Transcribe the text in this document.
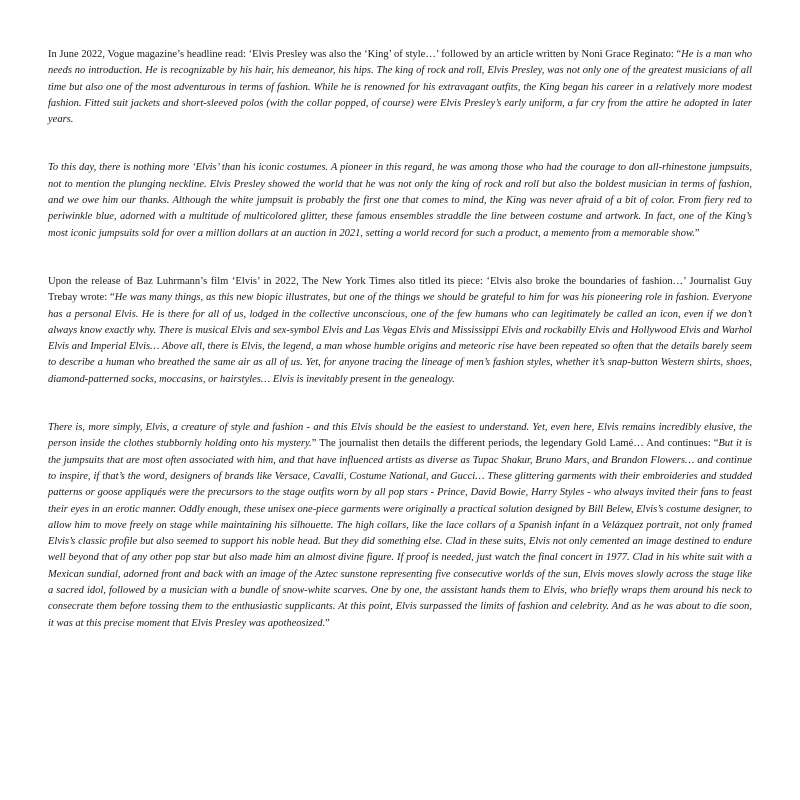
In June 2022, Vogue magazine’s headline read: ‘Elvis Presley was also the ‘King’ of style…’ followed by an article written by Noni Grace Reginato: “He is a man who needs no introduction. He is recognizable by his hair, his demeanor, his hips. The king of rock and roll, Elvis Presley, was not only one of the greatest musicians of all time but also one of the most adventurous in terms of fashion. While he is renowned for his extravagant outfits, the King began his career in a relatively more modest fashion. Fitted suit jackets and short-sleeved polos (with the collar popped, of course) were Elvis Presley’s early uniform, a far cry from the attire he adopted in later years.

To this day, there is nothing more ‘Elvis’ than his iconic costumes. A pioneer in this regard, he was among those who had the courage to don all-rhinestone jumpsuits, not to mention the plunging neckline. Elvis Presley showed the world that he was not only the king of rock and roll but also the boldest musician in terms of fashion, and we owe him our thanks. Although the white jumpsuit is probably the first one that comes to mind, the King was never afraid of a bit of color. From fiery red to periwinkle blue, adorned with a multitude of multicolored glitter, these famous ensembles straddle the line between costume and artwork. In fact, one of the King’s most iconic jumpsuits sold for over a million dollars at an auction in 2021, setting a world record for such a product, a memento from a memorable show.”

Upon the release of Baz Luhrmann’s film ‘Elvis’ in 2022, The New York Times also titled its piece: ‘Elvis also broke the boundaries of fashion…’ Journalist Guy Trebay wrote: “He was many things, as this new biopic illustrates, but one of the things we should be grateful to him for was his pioneering role in fashion. Everyone has a personal Elvis. He is there for all of us, lodged in the collective unconscious, one of the few humans who can legitimately be called an icon, even if we don’t always know exactly why. There is musical Elvis and sex-symbol Elvis and Las Vegas Elvis and Mississippi Elvis and rockabilly Elvis and Hollywood Elvis and Warhol Elvis and Imperial Elvis… Above all, there is Elvis, the legend, a man whose humble origins and meteoric rise have been repeated so often that the details barely seem to describe a human who breathed the same air as all of us. Yet, for anyone tracing the lineage of men’s fashion styles, whether it’s snap-button Western shirts, shoes, diamond-patterned socks, moccasins, or hairstyles… Elvis is inevitably present in the genealogy.

There is, more simply, Elvis, a creature of style and fashion - and this Elvis should be the easiest to understand. Yet, even here, Elvis remains incredibly elusive, the person inside the clothes stubbornly holding onto his mystery.” The journalist then details the different periods, the legendary Gold Lamé… And continues: “But it is the jumpsuits that are most often associated with him, and that have influenced artists as diverse as Tupac Shakur, Bruno Mars, and Brandon Flowers… and continue to inspire, if that’s the word, designers of brands like Versace, Cavalli, Costume National, and Gucci… These glittering garments with their embroideries and studded patterns or goose appliqués were the precursors to the stage outfits worn by all pop stars - Prince, David Bowie, Harry Styles - who always invited their fans to feast their eyes in an erotic manner. Oddly enough, these unisex one-piece garments were originally a practical solution designed by Bill Belew, Elvis’s costume designer, to allow him to move freely on stage while maintaining his silhouette. The high collars, like the lace collars of a Spanish infant in a Velázquez portrait, not only framed Elvis’s classic profile but also seemed to support his noble head. But they did something else. Clad in these suits, Elvis not only cemented an image destined to endure well beyond that of any other pop star but also made him an almost divine figure. If proof is needed, just watch the final concert in 1977. Clad in his white suit with a Mexican sundial, adorned front and back with an image of the Aztec sunstone representing five consecutive worlds of the sun, Elvis moves slowly across the stage like a sacred idol, followed by a musician with a bundle of snow-white scarves. One by one, the assistant hands them to Elvis, who briefly wraps them around his neck to consecrate them before tossing them to the enthusiastic supplicants. At this point, Elvis surpassed the limits of fashion and celebrity. And as he was about to die soon, it was at this precise moment that Elvis Presley was apotheosized.”
